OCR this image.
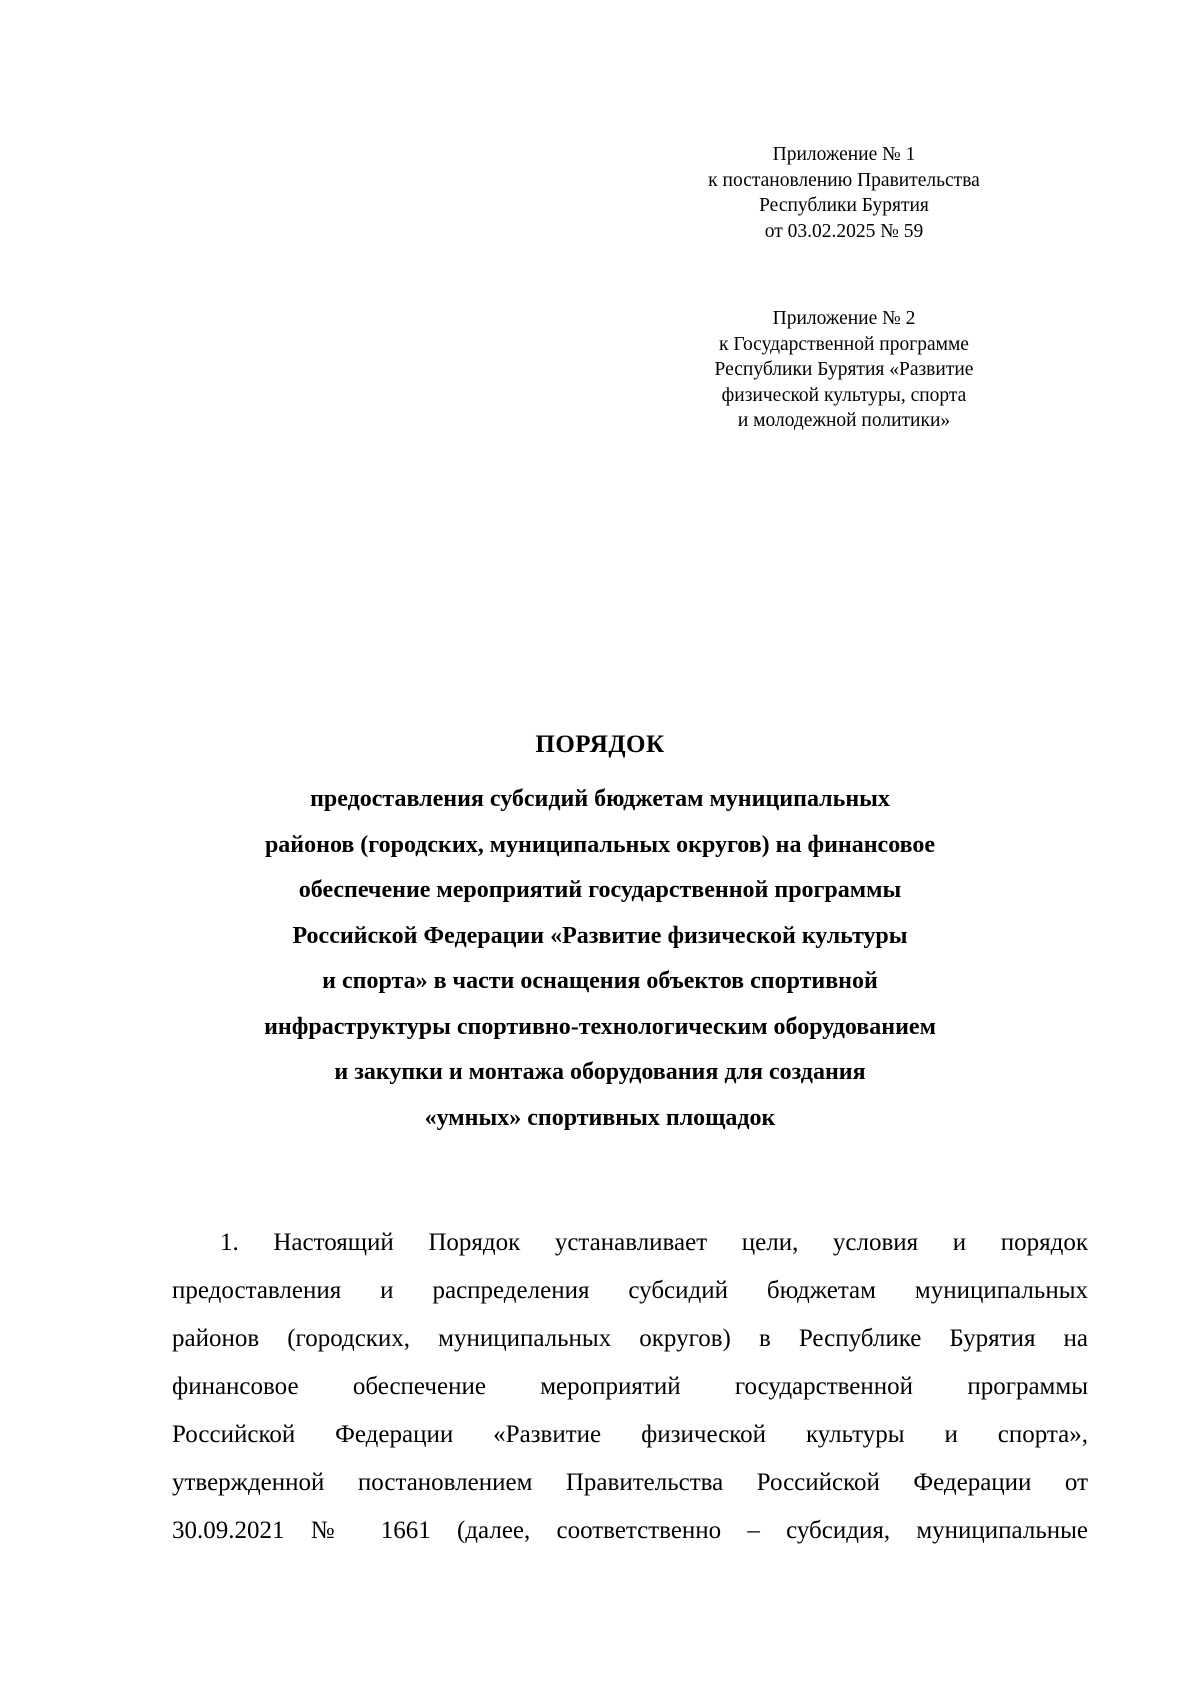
Приложение № 1
к постановлению Правительства
Республики Бурятия
от 03.02.2025 № 59
Приложение № 2
к Государственной программе
Республики Бурятия «Развитие
физической культуры, спорта
и молодежной политики»
ПОРЯДОК
предоставления субсидий бюджетам муниципальных
районов (городских, муниципальных округов) на финансовое
обеспечение мероприятий государственной программы
Российской Федерации «Развитие физической культуры
и спорта» в части оснащения объектов спортивной
инфраструктуры спортивно-технологическим оборудованием
и закупки и монтажа оборудования для создания
«умных» спортивных площадок
1. Настоящий Порядок устанавливает цели, условия и порядок
предоставления и распределения субсидий бюджетам муниципальных
районов (городских, муниципальных округов) в Республике Бурятия на
финансовое обеспечение мероприятий государственной программы
Российской Федерации «Развитие физической культуры и спорта»,
утвержденной постановлением Правительства Российской Федерации от
30.09.2021 № 1661 (далее, соответственно – субсидия, муниципальные
